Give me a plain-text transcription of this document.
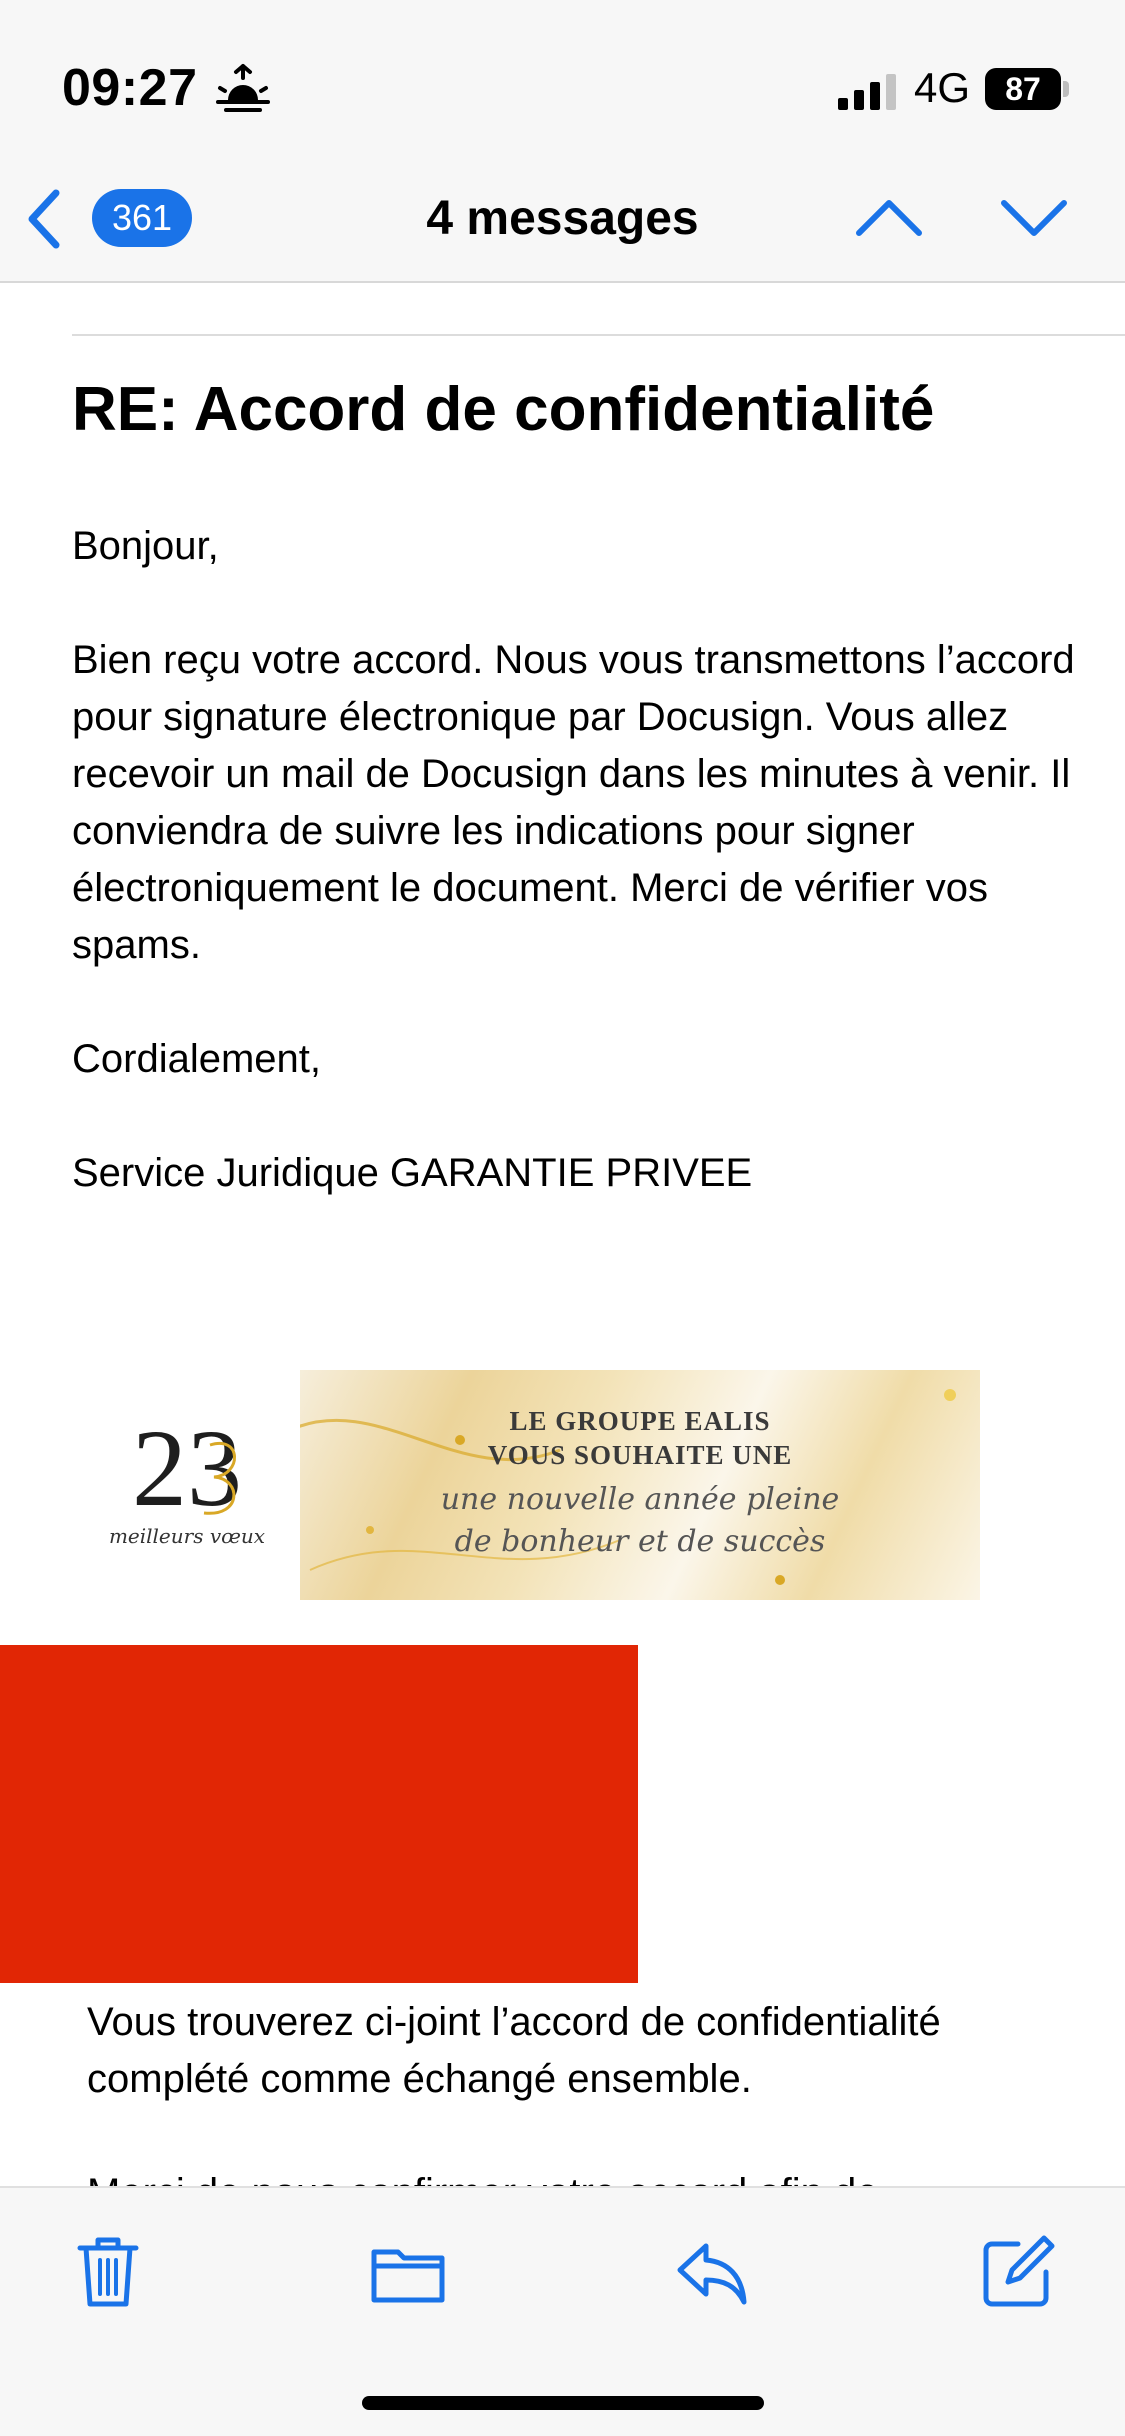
09:27	4G	87
4 messages
361
RE: Accord de confidentialité
Bonjour,
Bien reçu votre accord. Nous vous transmettons l’accord pour signature électronique par Docusign. Vous allez recevoir un mail de Docusign dans les minutes à venir. Il conviendra de suivre les indications pour signer électroniquement le document. Merci de vérifier vos spams.
Cordialement,
Service Juridique GARANTIE PRIVEE
23
meilleurs vœux
LE GROUPE EALIS
VOUS SOUHAITE UNE
une nouvelle année pleine
de bonheur et de succès
Vous trouverez ci-joint l’accord de confidentialité complété comme échangé ensemble.
